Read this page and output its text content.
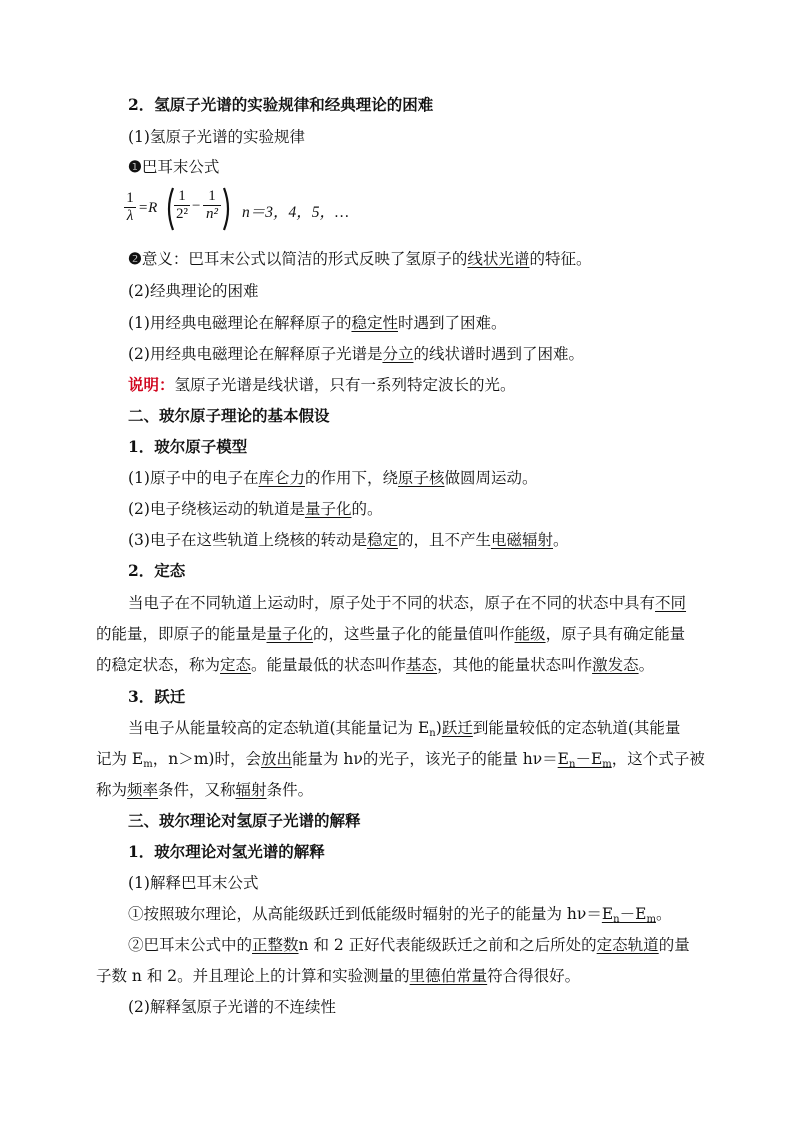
2．氢原子光谱的实验规律和经典理论的困难
(1)氢原子光谱的实验规律
❶巴耳末公式
$\frac{1}{\lambda} =R \frac{1}{\text{2²}} - \frac{1}{\text{n²}} n=3$，4，5，…
❷意义：巴耳末公式以简洁的形式反映了氢原子的线状光谱的特征。
(2)经典理论的困难
(1)用经典电磁理论在解释原子的稳定性时遇到了困难。
(2)用经典电磁理论在解释原子光谱是分立的线状谱时遇到了困难。
说明：氢原子光谱是线状谱，只有一系列特定波长的光。
二、玻尔原子理论的基本假设
1．玻尔原子模型
(1)原子中的电子在库仑力的作用下，绕原子核做圆周运动。
(2)电子绕核运动的轨道是量子化的。
(3)电子在这些轨道上绕核的转动是稳定的，且不产生电磁辐射。
2．定态
当电子在不同轨道上运动时，原子处于不同的状态，原子在不同的状态中具有不同
的能量，即原子的能量是量子化的，这些量子化的能量值叫作能级，原子具有确定能量
的稳定状态，称为定态。能量最低的状态叫作基态，其他的能量状态叫作激发态。
3．跃迁
当电子从能量较高的定态轨道(其能量记为 $E_n$)跃迁到能量较低的定态轨道(其能量
记为 $E_m$，n＞m)时，会放出能量为 hν的光子，该光子的能量 $h\nu=E_n-E_m$，这个式子被
称为频率条件，又称辐射条件。
三、玻尔理论对氢原子光谱的解释
1．玻尔理论对氢光谱的解释
(1)解释巴耳末公式
①按照玻尔理论，从高能级跃迁到低能级时辐射的光子的能量为 $h\nu=E_n-E_m$。
②巴耳末公式中的正整数n 和 2 正好代表能级跃迁之前和之后所处的定态轨道的量
子数 n 和 2。并且理论上的计算和实验测量的里德伯常量符合得很好。
(2)解释氢原子光谱的不连续性
